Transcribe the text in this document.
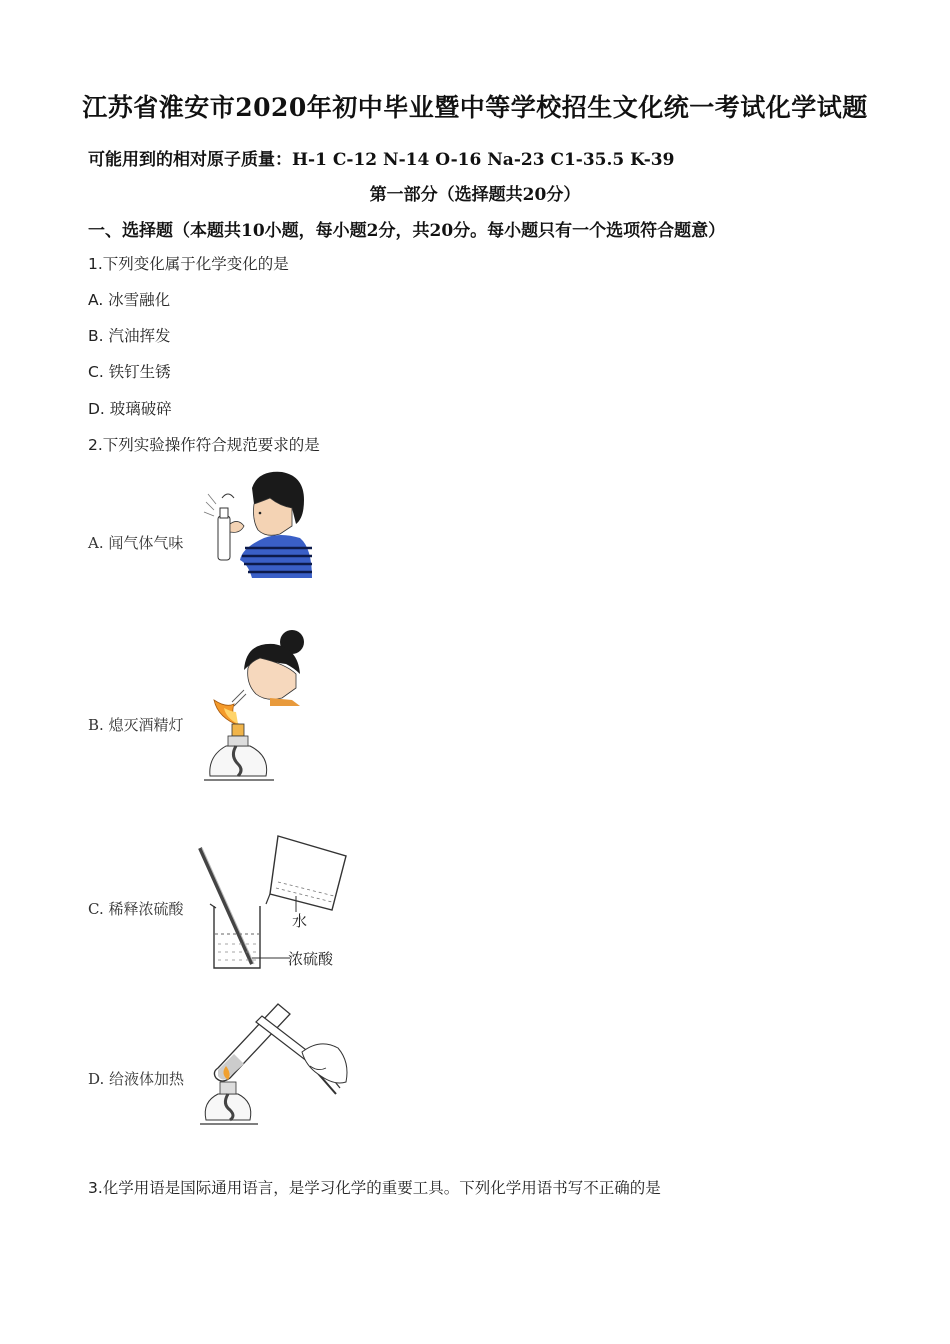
江苏省淮安市2020年初中毕业暨中等学校招生文化统一考试化学试题
可能用到的相对原子质量：H-1 C-12 N-14 O-16 Na-23 C1-35.5 K-39
第一部分（选择题共20分）
一、选择题（本题共10小题，每小题2分，共20分。每小题只有一个选项符合题意）
1.下列变化属于化学变化的是
A. 冰雪融化
B. 汽油挥发
C. 铁钉生锈
D. 玻璃破碎
2.下列实验操作符合规范要求的是
A. 闻气体气味
B. 熄灭酒精灯
C. 稀释浓硫酸
水
浓硫酸
D. 给液体加热
3.化学用语是国际通用语言，是学习化学的重要工具。下列化学用语书写不正确的是
